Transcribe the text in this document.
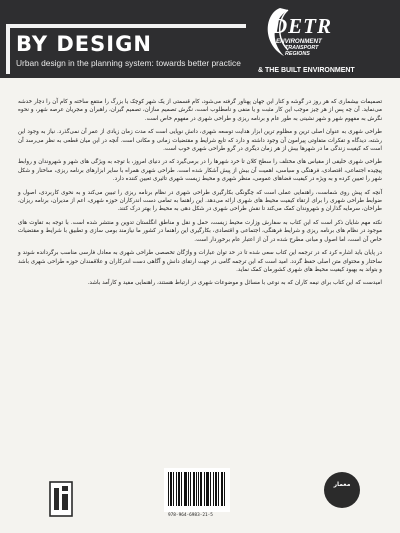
BY DESIGN
Urban design in the planning system: towards better practice
DETR
ENVIRONMENT
TRANSPORT
REGIONS
& THE BUILT ENVIRONMENT

تصمیمات بیشماری که هر روز در گوشه و کنار این جهان پهناور گرفته می‌شود، کام قسمتی از یک شهر کوچک یا بزرگ را منتفع ساخته و کام آن را دچار خدشه می‌نماید. آن چه پس از هر چیز موجب این کار مثبت و یا منفی و نامطلوب است، نگرش تصمیم سازان، تصمیم گیران، راهبران و مجریان عرصه شهر، و نحوه نگرش به مفهوم شهر و شهر نشینی به طور عام و برنامه ریزی و طراحی شهری در مفهوم خاص است.

طراحی شهری به عنوان اصلی ترین و مظلوم ترین ابزار هدایت توسعه شهری، دانش نوپایی است که مدت زمان زیادی از عمر آن نمی‌گذرد. نیاز به وجود این رشته، دیدگاه و تفکرات متفاوتی پیرامون آن وجود داشته و دارد که تابع شرایط و مقتضیات زمانی و مکانی است. آنچه در این میان قطعی به نظر می‌رسد آن است که کیفیت زندگی ما در شهرها بیش از هر زمان دیگری در گرو طراحی شهری خوب است.

طراحی شهری خلیقی از مقیاس های مختلف را سطح کلان تا خرد شهرها را در برمی‌گیرد که در دنیای امروز، با توجه به ویژگی های شهر و شهروندان و روابط پیچیده اجتماعی، اقتصادی، فرهنگی و سیاسی، اهمیت آن بیش از پیش آشکار شده است. طراحی شهری همراه با سایر ابزارهای برنامه ریزی، ساختار و شکل شهر را تعیین کرده و به ویژه در کیفیت فضاهای عمومی، منظر شهری و محیط زیست شهری تاثیری تعیین کننده دارد.

آنچه که پیش روی شماست، راهنمایی عملی است که چگونگی بکارگیری طراحی شهری در نظام برنامه ریزی را تبیین می‌کند و به نحوی کاربردی، اصول و ضوابط طراحی شهری را برای ارتقاء کیفیت محیط های شهری ارائه می‌دهد. این راهنما به تمامی دست اندرکاران حوزه شهری، اعم از مدیران، برنامه ریزان، طراحان، سرمایه گذاران و شهروندان کمک می‌کند تا نقش طراحی شهری در شکل دهی به محیط را بهتر درک کنند.

نکته مهم شایان ذکر است که این کتاب به سفارش وزارت محیط زیست، حمل و نقل و مناطق انگلستان تدوین و منتشر شده است. با توجه به تفاوت های موجود در نظام های برنامه ریزی و شرایط فرهنگی، اجتماعی و اقتصادی، بکارگیری این راهنما در کشور ما نیازمند بومی سازی و تطبیق با شرایط و مقتضیات خاص آن است، اما اصول و مبانی مطرح شده در آن از اعتبار عام برخوردار است.

در پایان باید اشاره کرد که در ترجمه این کتاب سعی شده تا در حد توان عبارات و واژگان تخصصی طراحی شهری به معادل فارسی مناسب برگردانده شوند و ساختار و محتوای متن اصلی حفظ گردد. امید است که این ترجمه گامی در جهت ارتقای دانش و آگاهی دست اندرکاران و علاقمندان حوزه طراحی شهری باشد و بتواند به بهبود کیفیت محیط های شهری کشورمان کمک نماید.

امیدست که این کتاب برای نیمه کاران که به نوعی با مسائل و موضوعات شهری در ارتباط هستند، راهنمایی مفید و کارآمد باشد.

978-964-6983-21-5
معمار
